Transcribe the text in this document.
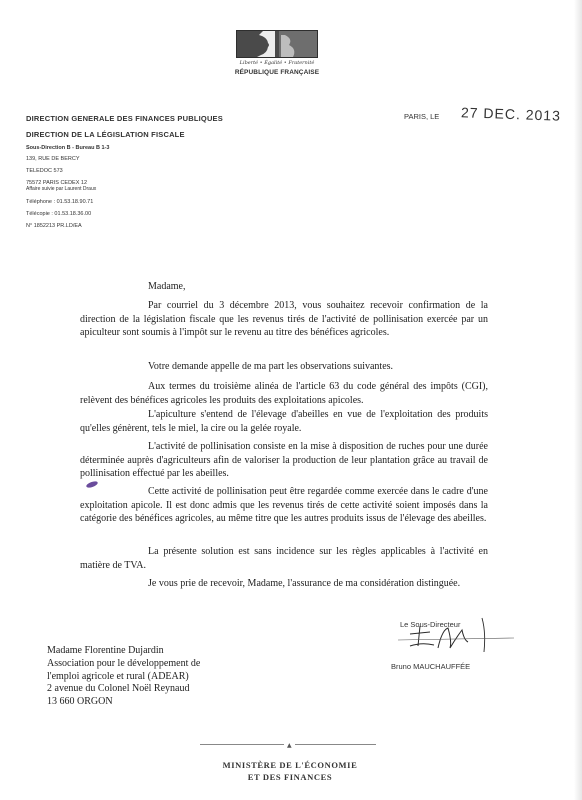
Liberté • Égalité • Fraternité
RÉPUBLIQUE FRANÇAISE
DIRECTION GENERALE DES FINANCES PUBLIQUES
DIRECTION DE LA LÉGISLATION FISCALE
Sous-Direction B - Bureau B 1-3
139, RUE DE BERCY
TELEDOC 573
75572 PARIS CEDEX 12
Affaire suivie par Laurent Draux
Téléphone : 01.53.18.90.71
Télécopie : 01.53.18.36.00
N° 1852213 PR.LD/EA
PARIS, LE 27 DEC. 2013
Madame,
Par courriel du 3 décembre 2013, vous souhaitez recevoir confirmation de la direction de la législation fiscale que les revenus tirés de l'activité de pollinisation exercée par un apiculteur sont soumis à l'impôt sur le revenu au titre des bénéfices agricoles.
Votre demande appelle de ma part les observations suivantes.
Aux termes du troisième alinéa de l'article 63 du code général des impôts (CGI), relèvent des bénéfices agricoles les produits des exploitations apicoles.
L'apiculture s'entend de l'élevage d'abeilles en vue de l'exploitation des produits qu'elles génèrent, tels le miel, la cire ou la gelée royale.
L'activité de pollinisation consiste en la mise à disposition de ruches pour une durée déterminée auprès d'agriculteurs afin de valoriser la production de leur plantation grâce au travail de pollinisation effectué par les abeilles.
Cette activité de pollinisation peut être regardée comme exercée dans le cadre d'une exploitation apicole. Il est donc admis que les revenus tirés de cette activité soient imposés dans la catégorie des bénéfices agricoles, au même titre que les autres produits issus de l'élevage des abeilles.
La présente solution est sans incidence sur les règles applicables à l'activité en matière de TVA.
Je vous prie de recevoir, Madame, l'assurance de ma considération distinguée.
Le Sous-Directeur
Bruno MAUCHAUFFÉE
Madame Florentine Dujardin
Association pour le développement de
l'emploi agricole et rural (ADEAR)
2 avenue du Colonel Noël Reynaud
13 660 ORGON
▲
MINISTÈRE DE L'ÉCONOMIE
ET DES FINANCES
